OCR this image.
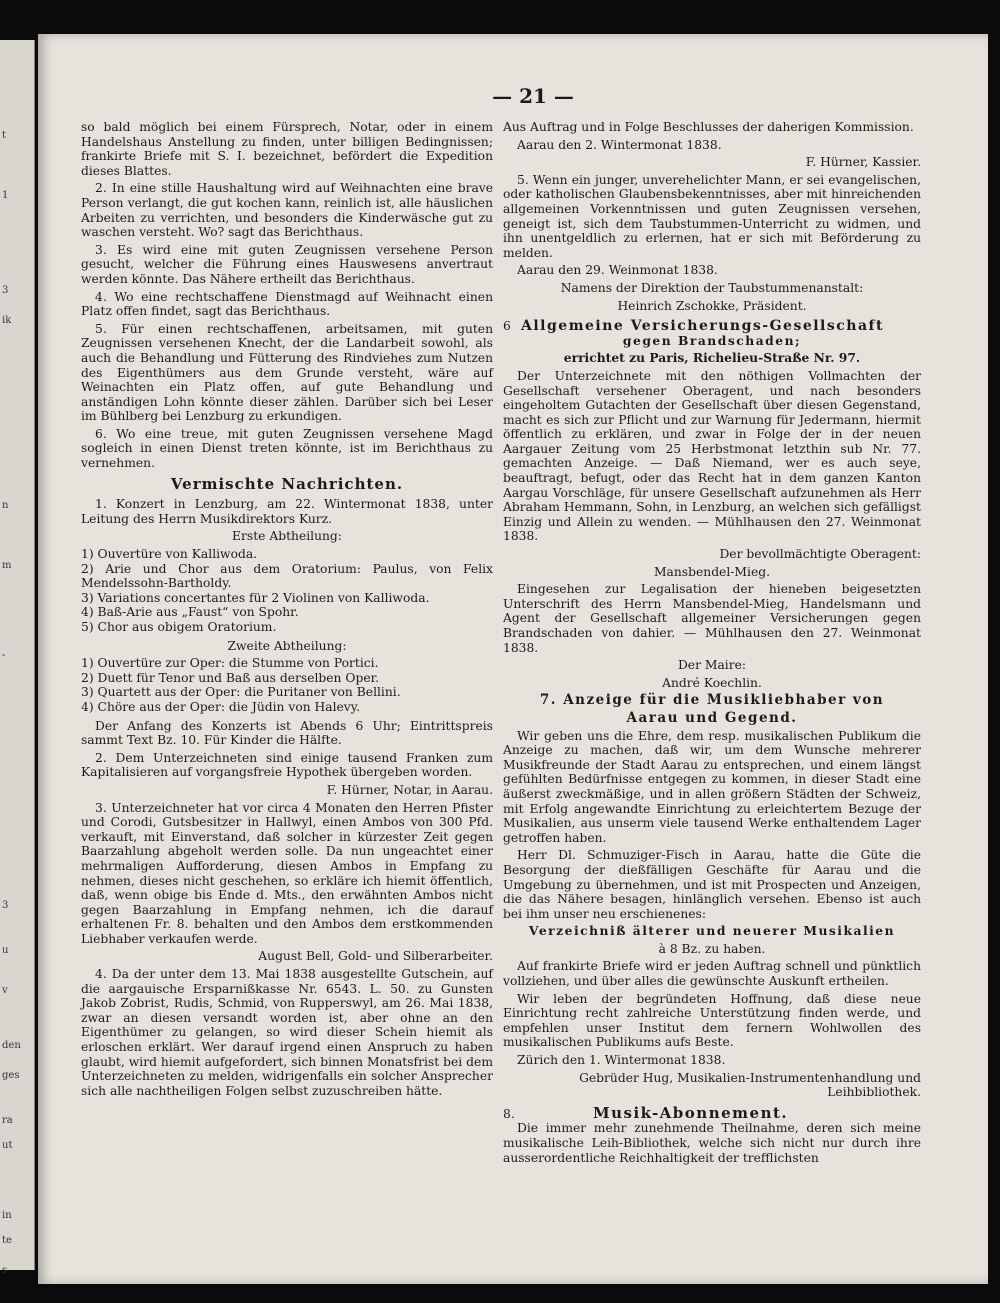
t
1
3
ik
n
m
-
3
u
v
den
ges
ra
ut
in
te
s
— 21 —

so bald möglich bei einem Fürsprech, Notar, oder in einem Handelshaus Anstellung zu finden, unter billigen Bedingnissen; frankirte Briefe mit S. I. bezeichnet, befördert die Expedition dieses Blattes.

2. In eine stille Haushaltung wird auf Weihnachten eine brave Person verlangt, die gut kochen kann, reinlich ist, alle häuslichen Arbeiten zu verrichten, und besonders die Kinderwäsche gut zu waschen versteht. Wo? sagt das Berichthaus.

3. Es wird eine mit guten Zeugnissen versehene Person gesucht, welcher die Führung eines Hauswesens anvertraut werden könnte. Das Nähere ertheilt das Berichthaus.

4. Wo eine rechtschaffene Dienstmagd auf Weihnacht einen Platz offen findet, sagt das Berichthaus.

5. Für einen rechtschaffenen, arbeitsamen, mit guten Zeugnissen versehenen Knecht, der die Landarbeit sowohl, als auch die Behandlung und Fütterung des Rindviehes zum Nutzen des Eigenthümers aus dem Grunde versteht, wäre auf Weinachten ein Platz offen, auf gute Behandlung und anständigen Lohn könnte dieser zählen. Darüber sich bei Leser im Bühlberg bei Lenzburg zu erkundigen.

6. Wo eine treue, mit guten Zeugnissen versehene Magd sogleich in einen Dienst treten könnte, ist im Berichthaus zu vernehmen.

Vermischte Nachrichten.

1. Konzert in Lenzburg, am 22. Wintermonat 1838, unter Leitung des Herrn Musikdirektors Kurz.

Erste Abtheilung:

1) Ouvertüre von Kalliwoda.
2) Arie und Chor aus dem Oratorium: Paulus, von Felix Mendelssohn-Bartholdy.
3) Variations concertantes für 2 Violinen von Kalliwoda.
4) Baß-Arie aus „Faust“ von Spohr.
5) Chor aus obigem Oratorium.

Zweite Abtheilung:

1) Ouvertüre zur Oper: die Stumme von Portici.
2) Duett für Tenor und Baß aus derselben Oper.
3) Quartett aus der Oper: die Puritaner von Bellini.
4) Chöre aus der Oper: die Jüdin von Halevy.

Der Anfang des Konzerts ist Abends 6 Uhr; Eintrittspreis sammt Text Bz. 10. Für Kinder die Hälfte.

2. Dem Unterzeichneten sind einige tausend Franken zum Kapitalisieren auf vorgangsfreie Hypothek übergeben worden.

F. Hürner, Notar, in Aarau.

3. Unterzeichneter hat vor circa 4 Monaten den Herren Pfister und Corodi, Gutsbesitzer in Hallwyl, einen Ambos von 300 Pfd. verkauft, mit Einverstand, daß solcher in kürzester Zeit gegen Baarzahlung abgeholt werden solle. Da nun ungeachtet einer mehrmaligen Aufforderung, diesen Ambos in Empfang zu nehmen, dieses nicht geschehen, so erkläre ich hiemit öffentlich, daß, wenn obige bis Ende d. Mts., den erwähnten Ambos nicht gegen Baarzahlung in Empfang nehmen, ich die darauf erhaltenen Fr. 8. behalten und den Ambos dem erstkommenden Liebhaber verkaufen werde.

August Bell, Gold- und Silberarbeiter.

4. Da der unter dem 13. Mai 1838 ausgestellte Gutschein, auf die aargauische Ersparnißkasse Nr. 6543. L. 50. zu Gunsten Jakob Zobrist, Rudis, Schmid, von Rupperswyl, am 26. Mai 1838, zwar an diesen versandt worden ist, aber ohne an den Eigenthümer zu gelangen, so wird dieser Schein hiemit als erloschen erklärt. Wer darauf irgend einen Anspruch zu haben glaubt, wird hiemit aufgefordert, sich binnen Monatsfrist bei dem Unterzeichneten zu melden, widrigenfalls ein solcher Ansprecher sich alle nachtheiligen Folgen selbst zuzuschreiben hätte.

Aus Auftrag und in Folge Beschlusses der daherigen Kommission.

Aarau den 2. Wintermonat 1838.

F. Hürner, Kassier.

5. Wenn ein junger, unverehelichter Mann, er sei evangelischen, oder katholischen Glaubensbekenntnisses, aber mit hinreichenden allgemeinen Vorkenntnissen und guten Zeugnissen versehen, geneigt ist, sich dem Taubstummen-Unterricht zu widmen, und ihn unentgeldlich zu erlernen, hat er sich mit Beförderung zu melden.

Aarau den 29. Weinmonat 1838.

Namens der Direktion der Taubstummenanstalt:

Heinrich Zschokke, Präsident.

6 Allgemeine Versicherungs-Gesellschaft

gegen Brandschaden;

errichtet zu Paris, Richelieu-Straße Nr. 97.

Der Unterzeichnete mit den nöthigen Vollmachten der Gesellschaft versehener Oberagent, und nach besonders eingeholtem Gutachten der Gesellschaft über diesen Gegenstand, macht es sich zur Pflicht und zur Warnung für Jedermann, hiermit öffentlich zu erklären, und zwar in Folge der in der neuen Aargauer Zeitung vom 25 Herbstmonat letzthin sub Nr. 77. gemachten Anzeige. — Daß Niemand, wer es auch seye, beauftragt, befugt, oder das Recht hat in dem ganzen Kanton Aargau Vorschläge, für unsere Gesellschaft aufzunehmen als Herr Abraham Hemmann, Sohn, in Lenzburg, an welchen sich gefälligst Einzig und Allein zu wenden. — Mühlhausen den 27. Weinmonat 1838.

Der bevollmächtigte Oberagent:

Mansbendel-Mieg.

Eingesehen zur Legalisation der hieneben beigesetzten Unterschrift des Herrn Mansbendel-Mieg, Handelsmann und Agent der Gesellschaft allgemeiner Versicherungen gegen Brandschaden von dahier. — Mühlhausen den 27. Weinmonat 1838.

Der Maire:

André Koechlin.

7. Anzeige für die Musikliebhaber von

Aarau und Gegend.

Wir geben uns die Ehre, dem resp. musikalischen Publikum die Anzeige zu machen, daß wir, um dem Wunsche mehrerer Musikfreunde der Stadt Aarau zu entsprechen, und einem längst gefühlten Bedürfnisse entgegen zu kommen, in dieser Stadt eine äußerst zweckmäßige, und in allen größern Städten der Schweiz, mit Erfolg angewandte Einrichtung zu erleichtertem Bezuge der Musikalien, aus unserm viele tausend Werke enthaltendem Lager getroffen haben.

Herr Dl. Schmuziger-Fisch in Aarau, hatte die Güte die Besorgung der dießfälligen Geschäfte für Aarau und die Umgebung zu übernehmen, und ist mit Prospecten und Anzeigen, die das Nähere besagen, hinlänglich versehen. Ebenso ist auch bei ihm unser neu erschienenes:

Verzeichniß älterer und neuerer Musikalien

à 8 Bz. zu haben.

Auf frankirte Briefe wird er jeden Auftrag schnell und pünktlich vollziehen, und über alles die gewünschte Auskunft ertheilen.

Wir leben der begründeten Hoffnung, daß diese neue Einrichtung recht zahlreiche Unterstützung finden werde, und empfehlen unser Institut dem fernern Wohlwollen des musikalischen Publikums aufs Beste.

Zürich den 1. Wintermonat 1838.

Gebrüder Hug, Musikalien-Instrumentenhandlung und Leihbibliothek.

8.	Musik-Abonnement.

Die immer mehr zunehmende Theilnahme, deren sich meine musikalische Leih-Bibliothek, welche sich nicht nur durch ihre ausserordentliche Reichhaltigkeit der trefflichsten
